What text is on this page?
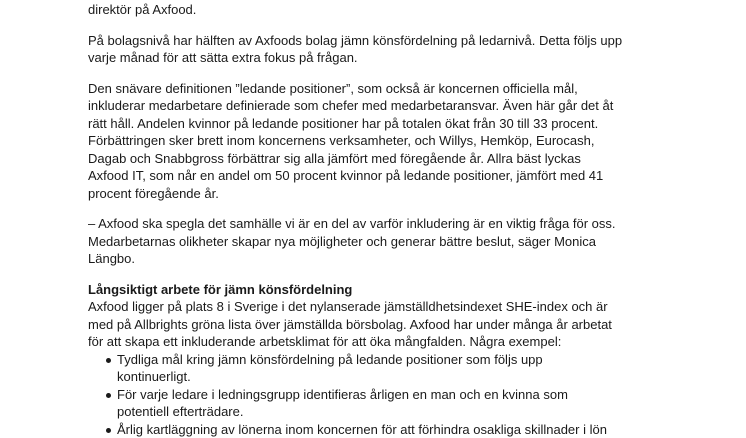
direktör på Axfood.
På bolagsnivå har hälften av Axfoods bolag jämn könsfördelning på ledarnivå. Detta följs upp
varje månad för att sätta extra fokus på frågan.
Den snävare definitionen ”ledande positioner”, som också är koncernen officiella mål,
inkluderar medarbetare definierade som chefer med medarbetaransvar. Även här går det åt
rätt håll. Andelen kvinnor på ledande positioner har på totalen ökat från 30 till 33 procent.
Förbättringen sker brett inom koncernens verksamheter, och Willys, Hemköp, Eurocash,
Dagab och Snabbgross förbättrar sig alla jämfört med föregående år. Allra bäst lyckas
Axfood IT, som når en andel om 50 procent kvinnor på ledande positioner, jämfört med 41
procent föregående år.
– Axfood ska spegla det samhälle vi är en del av varför inkludering är en viktig fråga för oss.
Medarbetarnas olikheter skapar nya möjligheter och generar bättre beslut, säger Monica
Längbo.
Långsiktigt arbete för jämn könsfördelning
Axfood ligger på plats 8 i Sverige i det nylanserade jämställdhetsindexet SHE-index och är
med på Allbrights gröna lista över jämställda börsbolag. Axfood har under många år arbetat
för att skapa ett inkluderande arbetsklimat för att öka mångfalden. Några exempel:
Tydliga mål kring jämn könsfördelning på ledande positioner som följs upp
kontinuerligt.
För varje ledare i ledningsgrupp identifieras årligen en man och en kvinna som
potentiell efterträdare.
Årlig kartläggning av lönerna inom koncernen för att förhindra osakliga skillnader i lön
